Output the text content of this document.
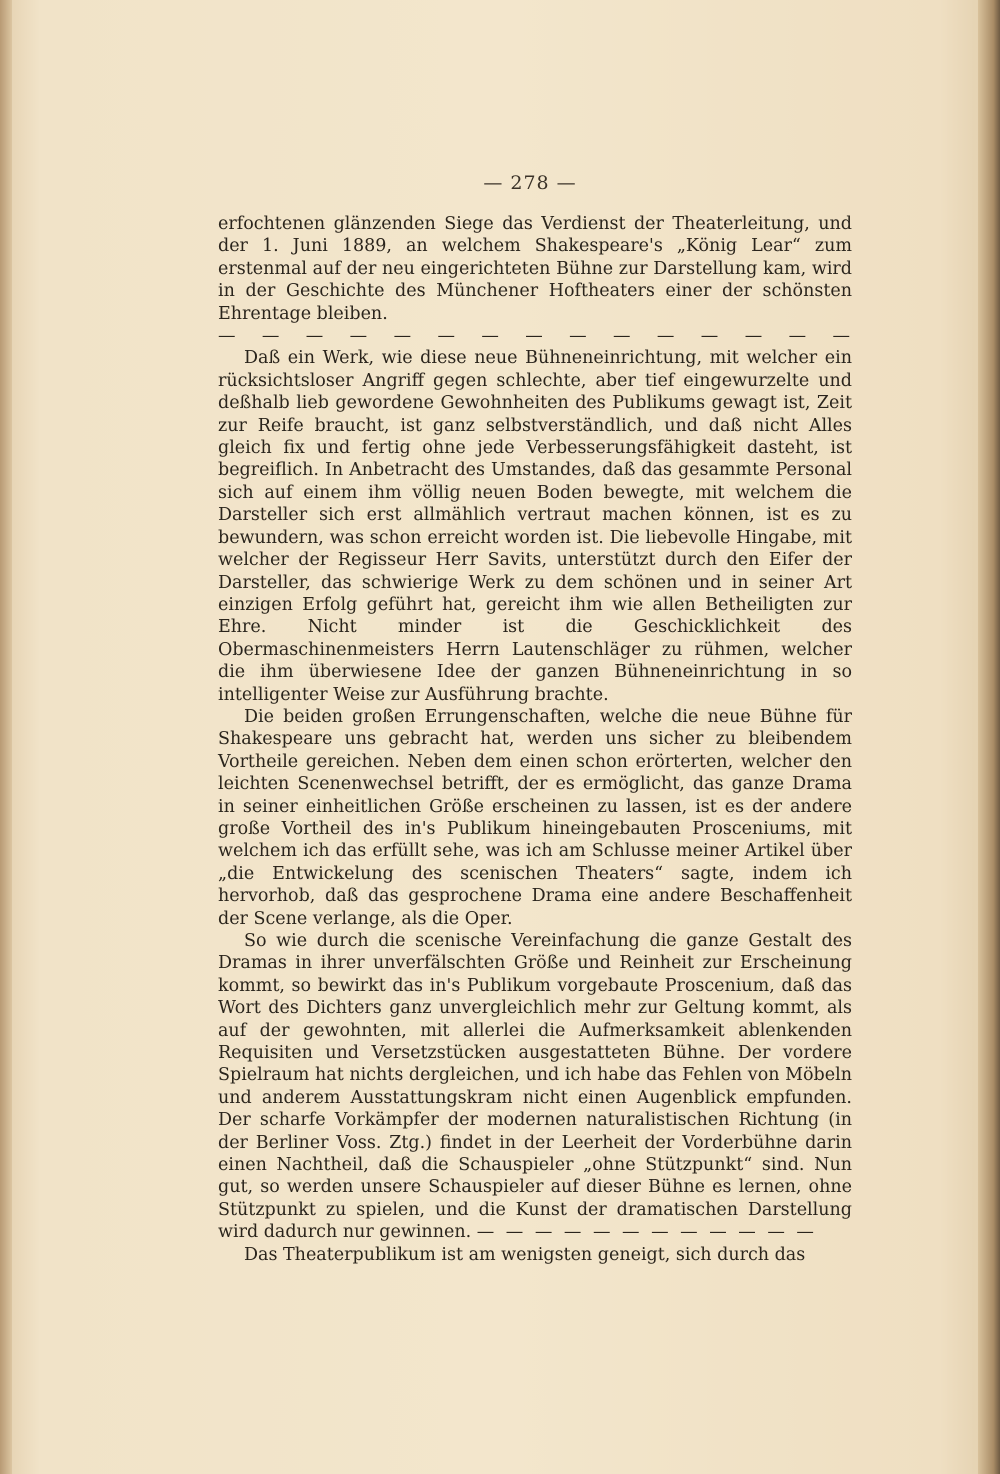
— 278 —

erfochtenen glänzenden Siege das Verdienst der Theaterleitung, und der 1. Juni 1889, an welchem Shakespeare's „König Lear“ zum erstenmal auf der neu eingerichteten Bühne zur Darstellung kam, wird in der Geschichte des Münchener Hoftheaters einer der schönsten Ehrentage bleiben.

— — — — — — — — — — — — — — —

Daß ein Werk, wie diese neue Bühneneinrichtung, mit welcher ein rücksichtsloser Angriff gegen schlechte, aber tief eingewurzelte und deßhalb lieb gewordene Gewohnheiten des Publikums gewagt ist, Zeit zur Reife braucht, ist ganz selbstverständlich, und daß nicht Alles gleich fix und fertig ohne jede Verbesserungsfähigkeit dasteht, ist begreiflich. In Anbetracht des Umstandes, daß das gesammte Personal sich auf einem ihm völlig neuen Boden bewegte, mit welchem die Darsteller sich erst allmählich vertraut machen können, ist es zu bewundern, was schon erreicht worden ist. Die liebevolle Hingabe, mit welcher der Regisseur Herr Savits, unterstützt durch den Eifer der Darsteller, das schwierige Werk zu dem schönen und in seiner Art einzigen Erfolg geführt hat, gereicht ihm wie allen Betheiligten zur Ehre. Nicht minder ist die Geschicklichkeit des Obermaschinenmeisters Herrn Lautenschläger zu rühmen, welcher die ihm überwiesene Idee der ganzen Bühneneinrichtung in so intelligenter Weise zur Ausführung brachte.

Die beiden großen Errungenschaften, welche die neue Bühne für Shakespeare uns gebracht hat, werden uns sicher zu bleibendem Vortheile gereichen. Neben dem einen schon erörterten, welcher den leichten Scenenwechsel betrifft, der es ermöglicht, das ganze Drama in seiner einheitlichen Größe erscheinen zu lassen, ist es der andere große Vortheil des in's Publikum hineingebauten Prosceniums, mit welchem ich das erfüllt sehe, was ich am Schlusse meiner Artikel über „die Entwickelung des scenischen Theaters“ sagte, indem ich hervorhob, daß das gesprochene Drama eine andere Beschaffenheit der Scene verlange, als die Oper.

So wie durch die scenische Vereinfachung die ganze Gestalt des Dramas in ihrer unverfälschten Größe und Reinheit zur Erscheinung kommt, so bewirkt das in's Publikum vorgebaute Proscenium, daß das Wort des Dichters ganz unvergleichlich mehr zur Geltung kommt, als auf der gewohnten, mit allerlei die Aufmerksamkeit ablenkenden Requisiten und Versetzstücken ausgestatteten Bühne. Der vordere Spielraum hat nichts dergleichen, und ich habe das Fehlen von Möbeln und anderem Ausstattungskram nicht einen Augenblick empfunden. Der scharfe Vorkämpfer der modernen naturalistischen Richtung (in der Berliner Voss. Ztg.) findet in der Leerheit der Vorderbühne darin einen Nachtheil, daß die Schauspieler „ohne Stützpunkt“ sind. Nun gut, so werden unsere Schauspieler auf dieser Bühne es lernen, ohne Stützpunkt zu spielen, und die Kunst der dramatischen Darstellung wird dadurch nur gewinnen. — — — — — — — — — — — —

Das Theaterpublikum ist am wenigsten geneigt, sich durch das
